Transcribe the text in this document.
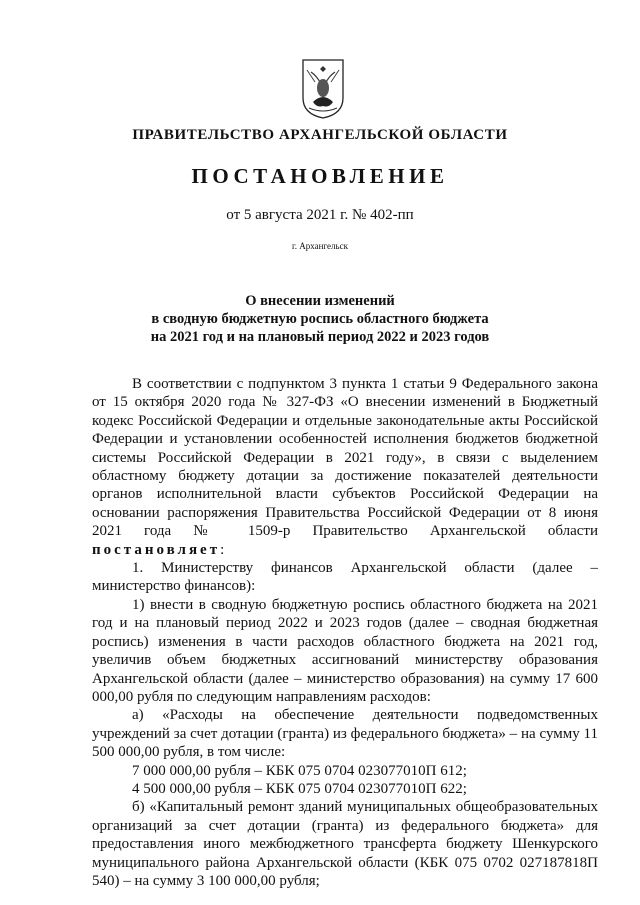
ПРАВИТЕЛЬСТВО АРХАНГЕЛЬСКОЙ ОБЛАСТИ
ПОСТАНОВЛЕНИЕ
от 5 августа 2021 г. № 402-пп
г. Архангельск
О внесении изменений
в сводную бюджетную роспись областного бюджета
на 2021 год и на плановый период 2022 и 2023 годов

В соответствии с подпунктом 3 пункта 1 статьи 9 Федерального закона от 15 октября 2020 года № 327-ФЗ «О внесении изменений в Бюджетный кодекс Российской Федерации и отдельные законодательные акты Российской Федерации и установлении особенностей исполнения бюджетов бюджетной системы Российской Федерации в 2021 году», в связи с выделением областному бюджету дотации за достижение показателей деятельности органов исполнительной власти субъектов Российской Федерации на основании распоряжения Правительства Российской Федерации от 8 июня 2021 года № 1509-р Правительство Архангельской области постановляет:

1. Министерству финансов Архангельской области (далее – министерство финансов):

1) внести в сводную бюджетную роспись областного бюджета на 2021 год и на плановый период 2022 и 2023 годов (далее – сводная бюджетная роспись) изменения в части расходов областного бюджета на 2021 год, увеличив объем бюджетных ассигнований министерству образования Архангельской области (далее – министерство образования) на сумму 17 600 000,00 рубля по следующим направлениям расходов:

а) «Расходы на обеспечение деятельности подведомственных учреждений за счет дотации (гранта) из федерального бюджета» – на сумму 11 500 000,00 рубля, в том числе:

7 000 000,00 рубля – КБК 075 0704 023077010П 612;

4 500 000,00 рубля – КБК 075 0704 023077010П 622;

б) «Капитальный ремонт зданий муниципальных общеобразовательных организаций за счет дотации (гранта) из федерального бюджета» для предоставления иного межбюджетного трансферта бюджету Шенкурского муниципального района Архангельской области (КБК 075 0702 027187818П 540) – на сумму 3 100 000,00 рубля;
